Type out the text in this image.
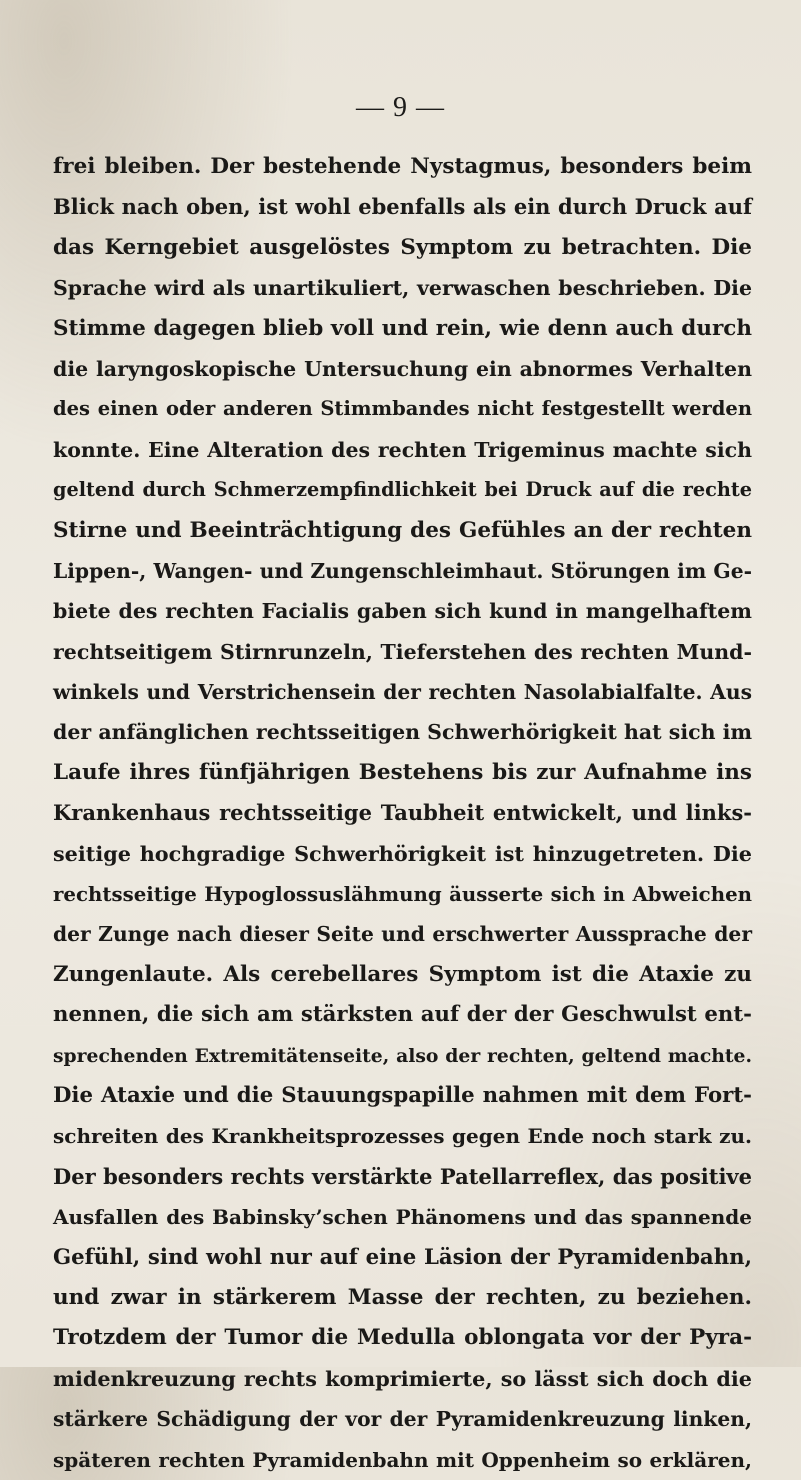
— 9 —
frei bleiben. Der bestehende Nystagmus, besonders beim
Blick nach oben, ist wohl ebenfalls als ein durch Druck auf
das Kerngebiet ausgelöstes Symptom zu betrachten. Die
Sprache wird als unartikuliert, verwaschen beschrieben. Die
Stimme dagegen blieb voll und rein, wie denn auch durch
die laryngoskopische Untersuchung ein abnormes Verhalten
des einen oder anderen Stimmbandes nicht festgestellt werden
konnte. Eine Alteration des rechten Trigeminus machte sich
geltend durch Schmerzempfindlichkeit bei Druck auf die rechte
Stirne und Beeinträchtigung des Gefühles an der rechten
Lippen-, Wangen- und Zungenschleimhaut. Störungen im Ge-
biete des rechten Facialis gaben sich kund in mangelhaftem
rechtseitigem Stirnrunzeln, Tieferstehen des rechten Mund-
winkels und Verstrichensein der rechten Nasolabialfalte. Aus
der anfänglichen rechtsseitigen Schwerhörigkeit hat sich im
Laufe ihres fünfjährigen Bestehens bis zur Aufnahme ins
Krankenhaus rechtsseitige Taubheit entwickelt, und links-
seitige hochgradige Schwerhörigkeit ist hinzugetreten. Die
rechtsseitige Hypoglossuslähmung äusserte sich in Abweichen
der Zunge nach dieser Seite und erschwerter Aussprache der
Zungenlaute. Als cerebellares Symptom ist die Ataxie zu
nennen, die sich am stärksten auf der der Geschwulst ent-
sprechenden Extremitätenseite, also der rechten, geltend machte.
Die Ataxie und die Stauungspapille nahmen mit dem Fort-
schreiten des Krankheitsprozesses gegen Ende noch stark zu.
Der besonders rechts verstärkte Patellarreflex, das positive
Ausfallen des Babinsky’schen Phänomens und das spannende
Gefühl, sind wohl nur auf eine Läsion der Pyramidenbahn,
und zwar in stärkerem Masse der rechten, zu beziehen.
Trotzdem der Tumor die Medulla oblongata vor der Pyra-
midenkreuzung rechts komprimierte, so lässt sich doch die
stärkere Schädigung der vor der Pyramidenkreuzung linken,
späteren rechten Pyramidenbahn mit Oppenheim so erklären,
